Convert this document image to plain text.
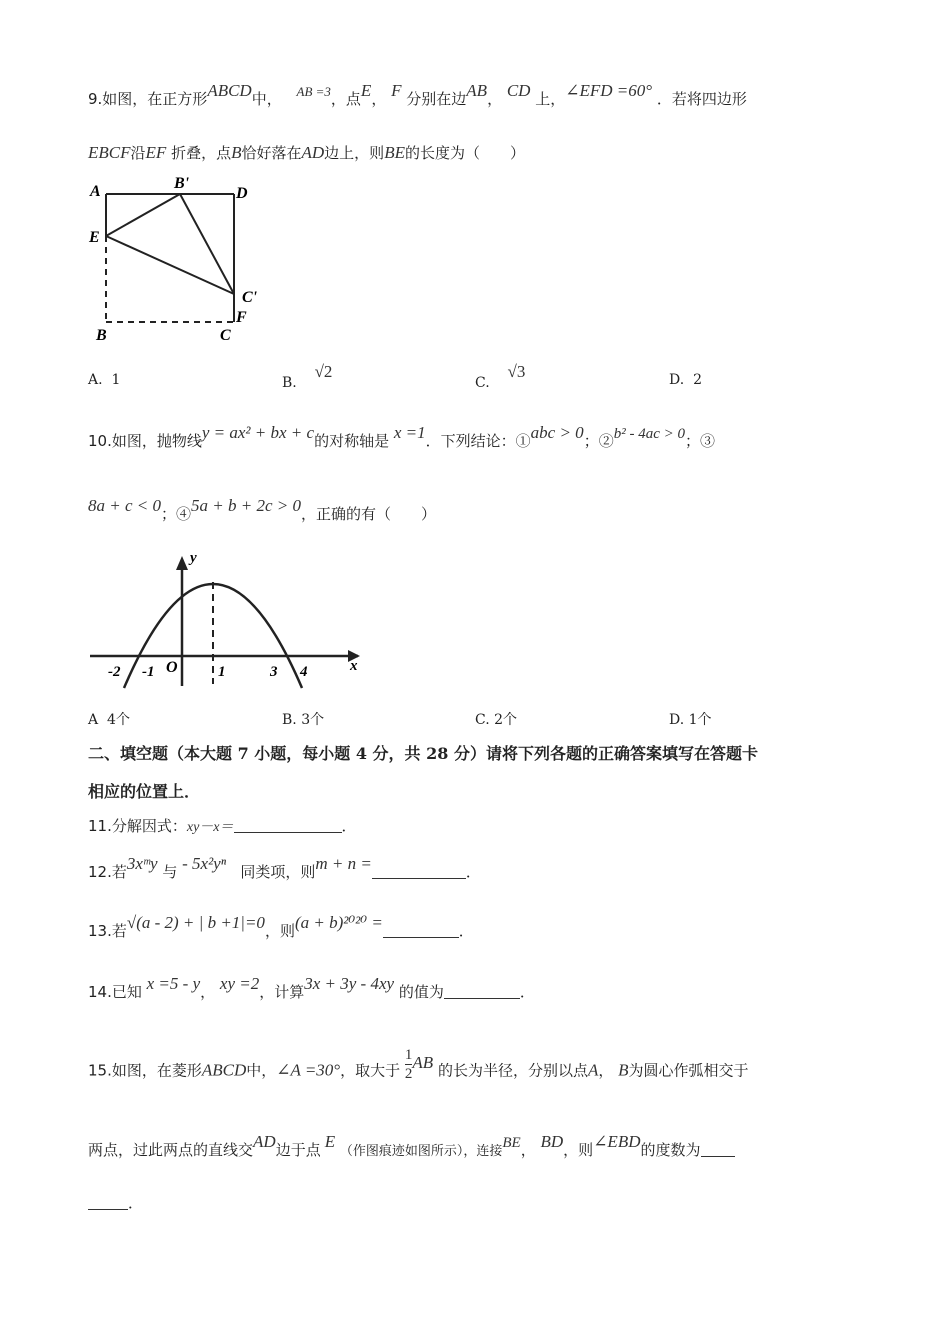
9.如图，在正方形ABCD中， AB =3，点E， F 分别在边AB， CD 上，∠EFD =60° ．若将四边形
EBCF沿EF 折叠，点B恰好落在AD边上，则BE的长度为（　　）
A	B'
D
E
C'
F
B	C
A. 1	B.    √2
C.    √3	D. 2
10.如图，抛物线y = ax² + bx + c的对称轴是 x =1．下列结论：①abc > 0；②b² - 4ac > 0；③
8a + c < 0；④5a + b + 2c > 0，正确的有（　　）
-2 -1 O	1	3 4	x
y
A 4个	B. 3个	C. 2个	D. 1个
二、填空题（本大题 7 小题，每小题 4 分，共 28 分）请将下列各题的正确答案填写在答题卡
相应的位置上．
11.分解因式：xy－x＝	．
12.若3xᵐy 与 - 5x²yⁿ 同类项，则m + n =	．
13.若√(a - 2) + | b +1|=0，则(a + b)²⁰²⁰ =	．
14.已知 x =5 - y， xy =2，计算3x + 3y - 4xy 的值为	．
15.如图，在菱形ABCD中，∠A =30°，取大于 $\frac{1}{2}$ AB 的长为半径，分别以点A， B为圆心作弧相交于
两点，过此两点的直线交AD边于点 E （作图痕迹如图所示），连接BE， BD，则∠EBD的度数为
．
